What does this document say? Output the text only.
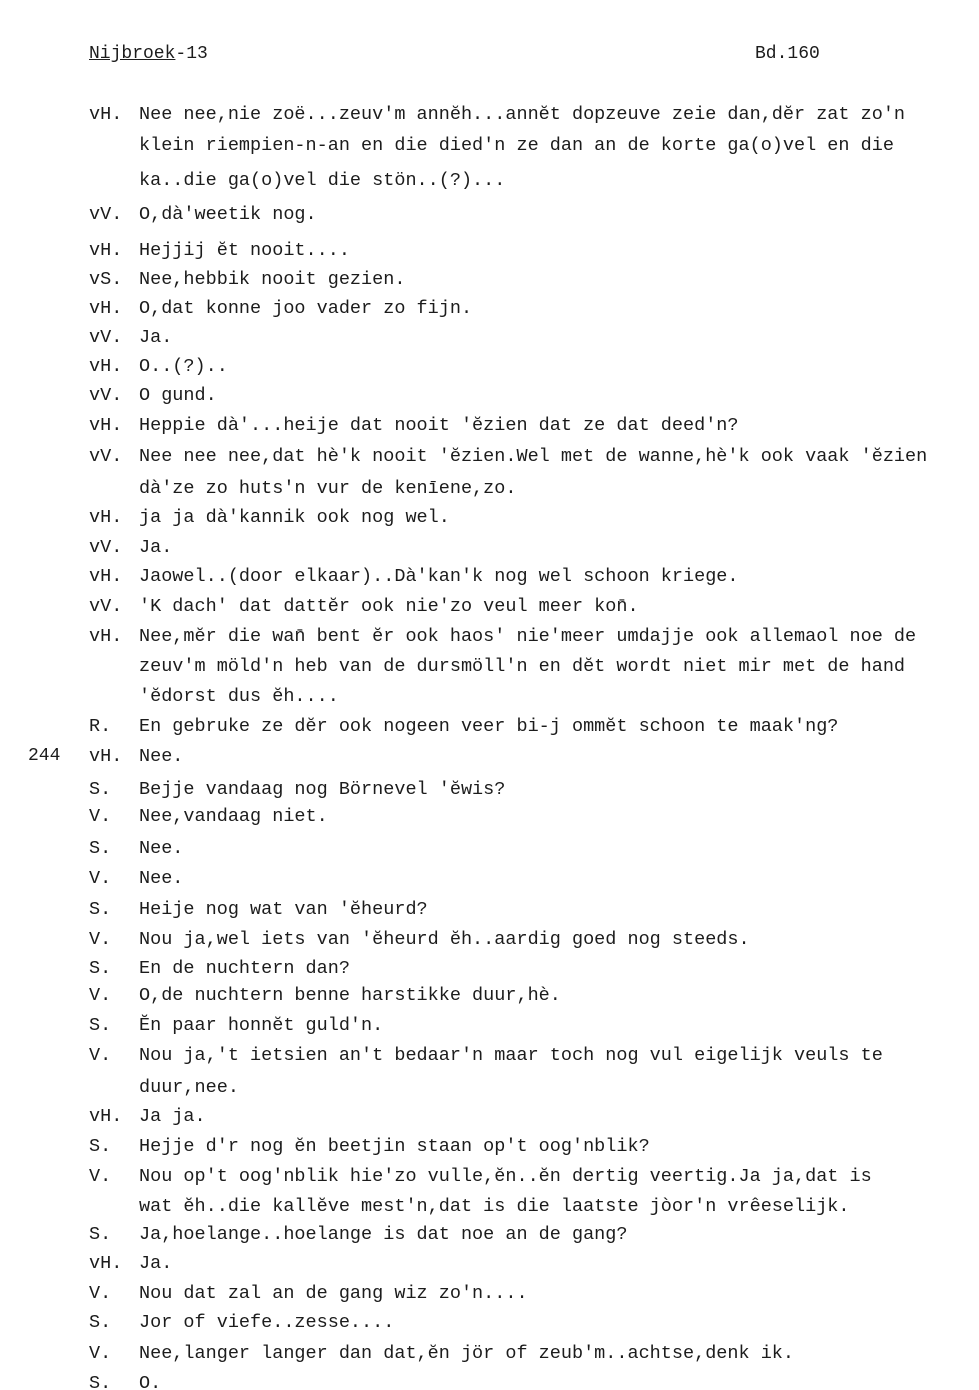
Nijbroek-13	Bd.160
244
vH. Nee nee,nie zoë...zeuv'm annĕh...annĕt dopzeuve zeie dan,dĕr zat zo'n
klein riempien-n-an en die died'n ze dan an de korte ga(o)vel en die
ka..die ga(o)vel die stön..(?)...
vV. O,dà'weetik nog.
vH. Hejjij ĕt nooit....
vS. Nee,hebbik nooit gezien.
vH. O,dat konne joo vader zo fijn.
vV. Ja.
vH. O..(?)..
vV. O gund.
vH. Heppie dà'...heije dat nooit 'ĕzien dat ze dat deed'n?
vV. Nee nee nee,dat hè'k nooit 'ĕzien.Wel met de wanne,hè'k ook vaak 'ĕzien
dà'ze zo huts'n vur de kenīene,zo.
vH. ja ja dà'kannik ook nog wel.
vV. Ja.
vH. Jaowel..(door elkaar)..Dà'kan'k nog wel schoon kriege.
vV. 'K dach' dat dattĕr ook nie'zo veul meer kon̄.
vH. Nee,mĕr die wan̄ bent ĕr ook haos' nie'meer umdajje ook allemaol noe de
zeuv'm möld'n heb van de dursmöll'n en dĕt wordt niet mir met de hand
'ĕdorst dus ĕh....
R. En gebruke ze dĕr ook nogeen veer bi-j ommĕt schoon te maak'ng?
vH. Nee.
S. Bejje vandaag nog Börnevel 'ĕwis?
V. Nee,vandaag niet.
S. Nee.
V. Nee.
S. Heije nog wat van 'ĕheurd?
V. Nou ja,wel iets van 'ĕheurd ĕh..aardig goed nog steeds.
S. En de nuchtern dan?
V. O,de nuchtern benne harstikke duur,hè.
S. Ĕn paar honnĕt guld'n.
V. Nou ja,'t ietsien an't bedaar'n maar toch nog vul eigelijk veuls te
duur,nee.
vH. Ja ja.
S. Hejje d'r nog ĕn beetjin staan op't oog'nblik?
V. Nou op't oog'nblik hie'zo vulle,ĕn..ĕn dertig veertig.Ja ja,dat is
wat ĕh..die kallĕve mest'n,dat is die laatste jòor'n vrêeselijk.
S. Ja,hoelange..hoelange is dat noe an de gang?
vH. Ja.
V. Nou dat zal an de gang wiz zo'n....
S. Jor of viefe..zesse....
V. Nee,langer langer dan dat,ĕn jör of zeub'm..achtse,denk ik.
S. O.
